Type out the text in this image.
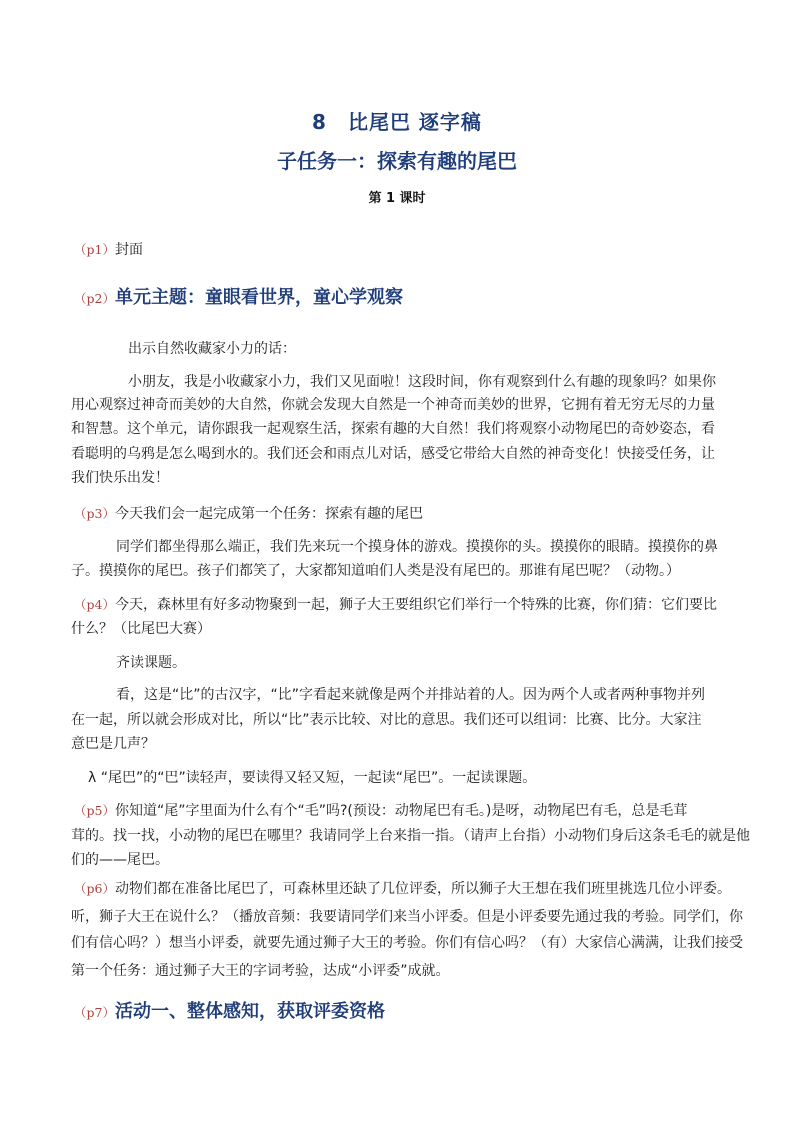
8　比尾巴 逐字稿
子任务一：探索有趣的尾巴
第 1 课时
（p1）封面
（p2）单元主题：童眼看世界，童心学观察
出示自然收藏家小力的话：
小朋友，我是小收藏家小力，我们又见面啦！这段时间，你有观察到什么有趣的现象吗？如果你
用心观察过神奇而美妙的大自然，你就会发现大自然是一个神奇而美妙的世界，它拥有着无穷无尽的力量
和智慧。这个单元，请你跟我一起观察生活，探索有趣的大自然！我们将观察小动物尾巴的奇妙姿态，看
看聪明的乌鸦是怎么喝到水的。我们还会和雨点儿对话，感受它带给大自然的神奇变化！快接受任务，让
我们快乐出发！
（p3）今天我们会一起完成第一个任务：探索有趣的尾巴
同学们都坐得那么端正，我们先来玩一个摸身体的游戏。摸摸你的头。摸摸你的眼睛。摸摸你的鼻
子。摸摸你的尾巴。孩子们都笑了，大家都知道咱们人类是没有尾巴的。那谁有尾巴呢？（动物。）
（p4）今天，森林里有好多动物聚到一起，狮子大王要组织它们举行一个特殊的比赛，你们猜：它们要比
什么？（比尾巴大赛）
齐读课题。
看，这是“比”的古汉字，“比”字看起来就像是两个并排站着的人。因为两个人或者两种事物并列
在一起，所以就会形成对比，所以“比”表示比较、对比的意思。我们还可以组词：比赛、比分。大家注
意巴是几声？
λ “尾巴”的“巴”读轻声，要读得又轻又短，一起读“尾巴”。一起读课题。
（p5）你知道“尾”字里面为什么有个“毛”吗?(预设：动物尾巴有毛。)是呀，动物尾巴有毛，总是毛茸
茸的。找一找，小动物的尾巴在哪里？我请同学上台来指一指。（请声上台指）小动物们身后这条毛毛的就是他
们的——尾巴。
（p6）动物们都在准备比尾巴了，可森林里还缺了几位评委，所以狮子大王想在我们班里挑选几位小评委。
听，狮子大王在说什么？（播放音频：我要请同学们来当小评委。但是小评委要先通过我的考验。同学们，你
们有信心吗？）想当小评委，就要先通过狮子大王的考验。你们有信心吗？（有）大家信心满满，让我们接受
第一个任务：通过狮子大王的字词考验，达成“小评委”成就。
（p7）活动一、整体感知，获取评委资格
